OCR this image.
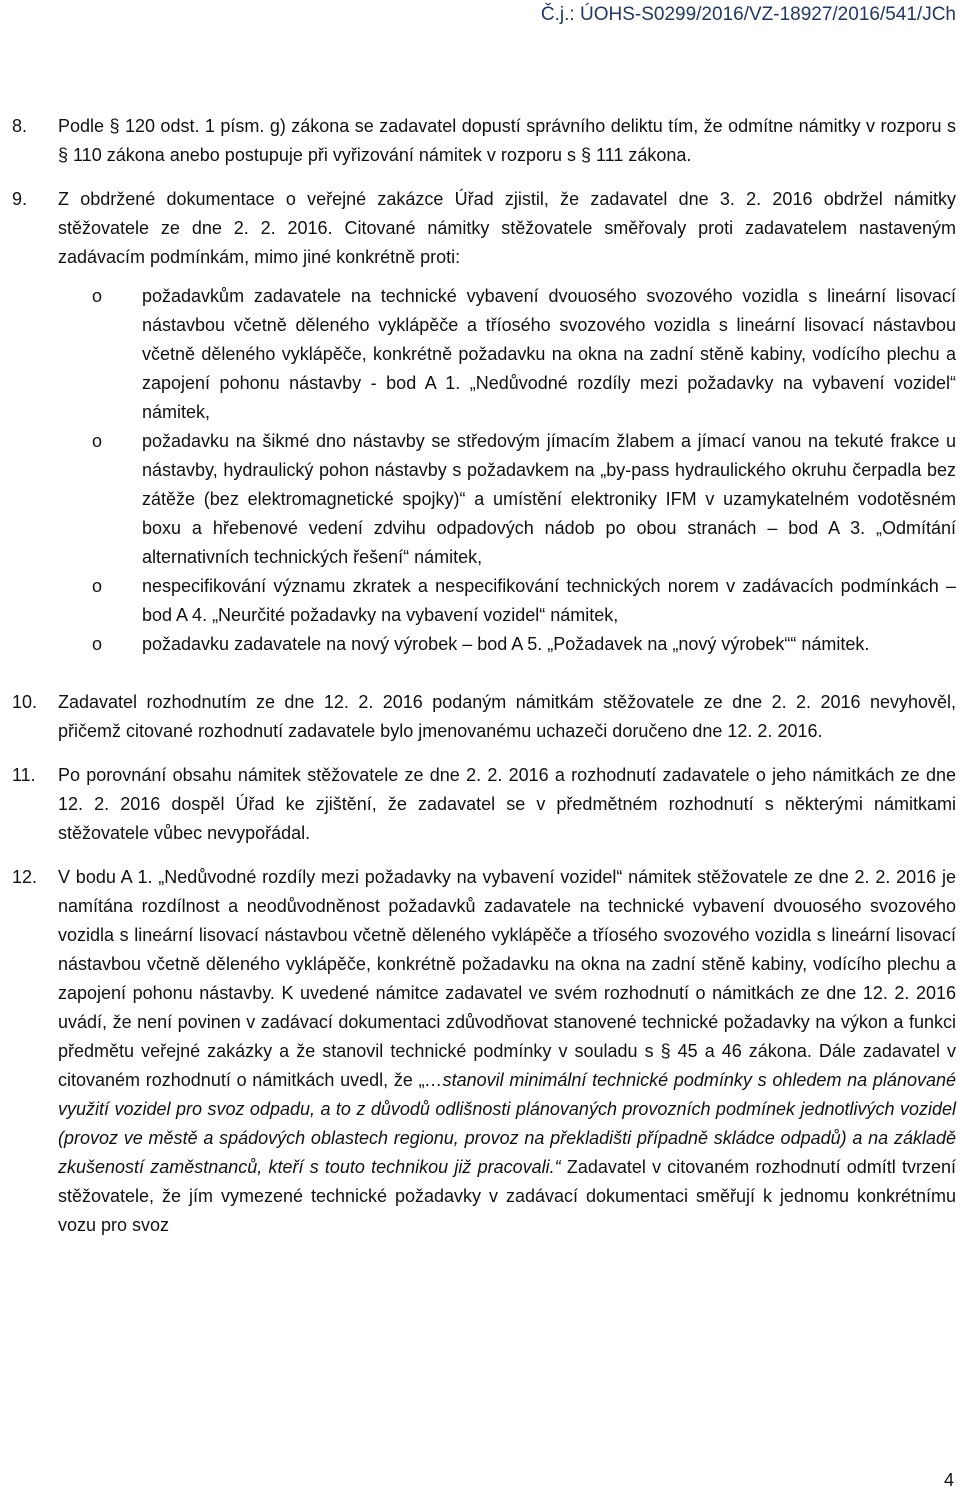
Č.j.: ÚOHS-S0299/2016/VZ-18927/2016/541/JCh
8.	Podle § 120 odst. 1 písm. g) zákona se zadavatel dopustí správního deliktu tím, že odmítne námitky v rozporu s § 110 zákona anebo postupuje při vyřizování námitek v rozporu s § 111 zákona.
9.	Z obdržené dokumentace o veřejné zakázce Úřad zjistil, že zadavatel dne 3. 2. 2016 obdržel námitky stěžovatele ze dne 2. 2. 2016. Citované námitky stěžovatele směřovaly proti zadavatelem nastaveným zadávacím podmínkám, mimo jiné konkrétně proti:
o	požadavkům zadavatele na technické vybavení dvouosého svozového vozidla s lineární lisovací nástavbou včetně děleného vyklápěče a tříosého svozového vozidla s lineární lisovací nástavbou včetně děleného vyklápěče, konkrétně požadavku na okna na zadní stěně kabiny, vodícího plechu a zapojení pohonu nástavby - bod A 1. „Nedůvodné rozdíly mezi požadavky na vybavení vozidel“ námitek,
o	požadavku na šikmé dno nástavby se středovým jímacím žlabem a jímací vanou na tekuté frakce u nástavby, hydraulický pohon nástavby s požadavkem na „by-pass hydraulického okruhu čerpadla bez zátěže (bez elektromagnetické spojky)“ a umístění elektroniky IFM v uzamykatelném vodotěsném boxu a hřebenové vedení zdvihu odpadových nádob po obou stranách – bod A 3. „Odmítání alternativních technických řešení“ námitek,
o	nespecifikování významu zkratek a nespecifikování technických norem v zadávacích podmínkách – bod A 4. „Neurčité požadavky na vybavení vozidel“ námitek,
o	požadavku zadavatele na nový výrobek – bod A 5. „Požadavek na „nový výrobek““ námitek.
10.	Zadavatel rozhodnutím ze dne 12. 2. 2016 podaným námitkám stěžovatele ze dne 2. 2. 2016 nevyhověl, přičemž citované rozhodnutí zadavatele bylo jmenovanému uchazeči doručeno dne 12. 2. 2016.
11.	Po porovnání obsahu námitek stěžovatele ze dne 2. 2. 2016 a rozhodnutí zadavatele o jeho námitkách ze dne 12. 2. 2016 dospěl Úřad ke zjištění, že zadavatel se v předmětném rozhodnutí s některými námitkami stěžovatele vůbec nevypořádal.
12.	V bodu A 1. „Nedůvodné rozdíly mezi požadavky na vybavení vozidel“ námitek stěžovatele ze dne 2. 2. 2016 je namítána rozdílnost a neodůvodněnost požadavků zadavatele na technické vybavení dvouosého svozového vozidla s lineární lisovací nástavbou včetně děleného vyklápěče a tříosého svozového vozidla s lineární lisovací nástavbou včetně děleného vyklápěče, konkrétně požadavku na okna na zadní stěně kabiny, vodícího plechu a zapojení pohonu nástavby. K uvedené námitce zadavatel ve svém rozhodnutí o námitkách ze dne 12. 2. 2016 uvádí, že není povinen v zadávací dokumentaci zdůvodňovat stanovené technické požadavky na výkon a funkci předmětu veřejné zakázky a že stanovil technické podmínky v souladu s § 45 a 46 zákona. Dále zadavatel v citovaném rozhodnutí o námitkách uvedl, že „…stanovil minimální technické podmínky s ohledem na plánované využití vozidel pro svoz odpadu, a to z důvodů odlišnosti plánovaných provozních podmínek jednotlivých vozidel (provoz ve městě a spádových oblastech regionu, provoz na překladišti případně skládce odpadů) a na základě zkušeností zaměstnanců, kteří s touto technikou již pracovali.“ Zadavatel v citovaném rozhodnutí odmítl tvrzení stěžovatele, že jím vymezené technické požadavky v zadávací dokumentaci směřují k jednomu konkrétnímu vozu pro svoz
4
